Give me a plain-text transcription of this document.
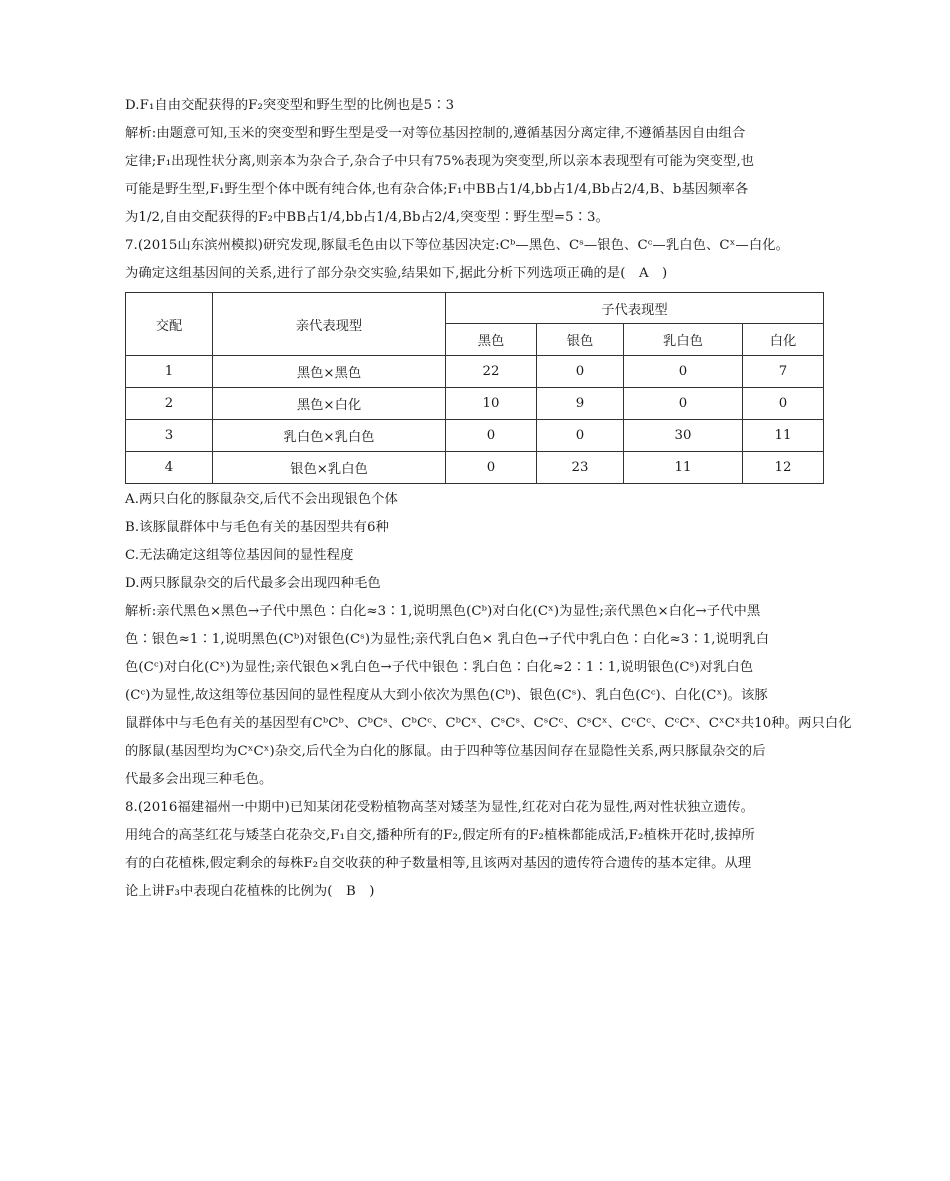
D.F₁自由交配获得的F₂突变型和野生型的比例也是5∶3
解析:由题意可知,玉米的突变型和野生型是受一对等位基因控制的,遵循基因分离定律,不遵循基因自由组合
定律;F₁出现性状分离,则亲本为杂合子,杂合子中只有75%表现为突变型,所以亲本表现型有可能为突变型,也
可能是野生型,F₁野生型个体中既有纯合体,也有杂合体;F₁中BB占1/4,bb占1/4,Bb占2/4,B、b基因频率各
为1/2,自由交配获得的F₂中BB占1/4,bb占1/4,Bb占2/4,突变型∶野生型=5∶3。
7.(2015山东滨州模拟)研究发现,豚鼠毛色由以下等位基因决定:Cᵇ—黑色、Cˢ—银色、Cᶜ—乳白色、Cˣ—白化。
为确定这组基因间的关系,进行了部分杂交实验,结果如下,据此分析下列选项正确的是(　A　)
交配	亲代表现型	子代表现型			
		黑色	银色	乳白色	白化
1	黑色×黑色	22	0	0	7
2	黑色×白化	10	9	0	0
3	乳白色×乳白色	0	0	30	11
4	银色×乳白色	0	23	11	12
A.两只白化的豚鼠杂交,后代不会出现银色个体
B.该豚鼠群体中与毛色有关的基因型共有6种
C.无法确定这组等位基因间的显性程度
D.两只豚鼠杂交的后代最多会出现四种毛色
解析:亲代黑色×黑色→子代中黑色∶白化≈3∶1,说明黑色(Cᵇ)对白化(Cˣ)为显性;亲代黑色×白化→子代中黑
色∶银色≈1∶1,说明黑色(Cᵇ)对银色(Cˢ)为显性;亲代乳白色× 乳白色→子代中乳白色∶白化≈3∶1,说明乳白
色(Cᶜ)对白化(Cˣ)为显性;亲代银色×乳白色→子代中银色∶乳白色∶白化≈2∶1∶1,说明银色(Cˢ)对乳白色
(Cᶜ)为显性,故这组等位基因间的显性程度从大到小依次为黑色(Cᵇ)、银色(Cˢ)、乳白色(Cᶜ)、白化(Cˣ)。该豚
鼠群体中与毛色有关的基因型有CᵇCᵇ、CᵇCˢ、CᵇCᶜ、CᵇCˣ、CˢCˢ、CˢCᶜ、CˢCˣ、CᶜCᶜ、CᶜCˣ、CˣCˣ共10种。两只白化
的豚鼠(基因型均为CˣCˣ)杂交,后代全为白化的豚鼠。由于四种等位基因间存在显隐性关系,两只豚鼠杂交的后
代最多会出现三种毛色。
8.(2016福建福州一中期中)已知某闭花受粉植物高茎对矮茎为显性,红花对白花为显性,两对性状独立遗传。
用纯合的高茎红花与矮茎白花杂交,F₁自交,播种所有的F₂,假定所有的F₂植株都能成活,F₂植株开花时,拔掉所
有的白花植株,假定剩余的每株F₂自交收获的种子数量相等,且该两对基因的遗传符合遗传的基本定律。从理
论上讲F₃中表现白花植株的比例为(　B　)
